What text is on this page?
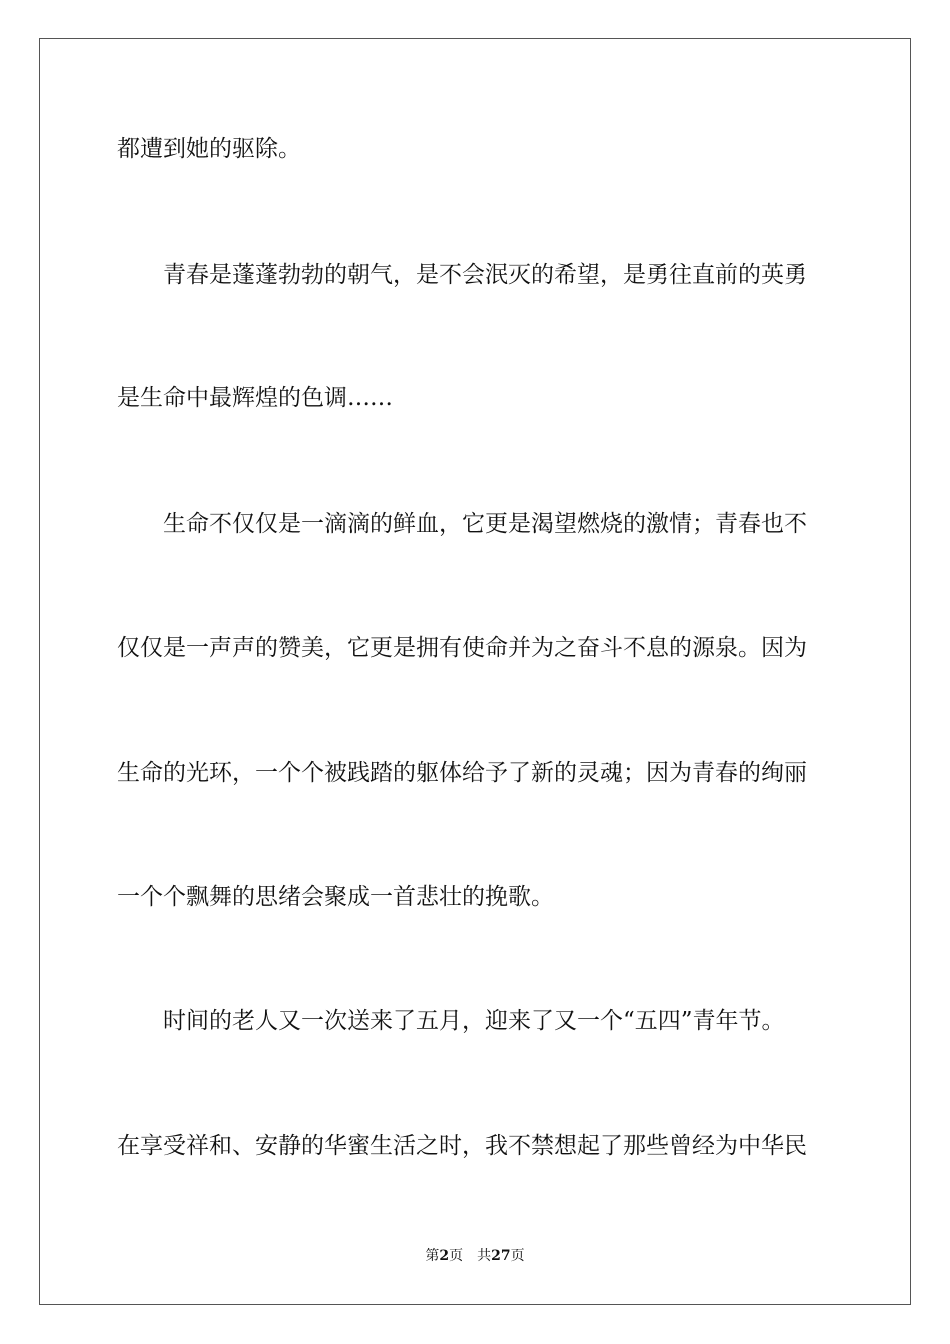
都遭到她的驱除。

青春是蓬蓬勃勃的朝气，是不会泯灭的希望，是勇往直前的英勇

是生命中最辉煌的色调……

生命不仅仅是一滴滴的鲜血，它更是渴望燃烧的激情；青春也不

仅仅是一声声的赞美，它更是拥有使命并为之奋斗不息的源泉。因为

生命的光环，一个个被践踏的躯体给予了新的灵魂；因为青春的绚丽

一个个飘舞的思绪会聚成一首悲壮的挽歌。

时间的老人又一次送来了五月，迎来了又一个“五四”青年节。

在享受祥和、安静的华蜜生活之时，我不禁想起了那些曾经为中华民

第2页 共27页
